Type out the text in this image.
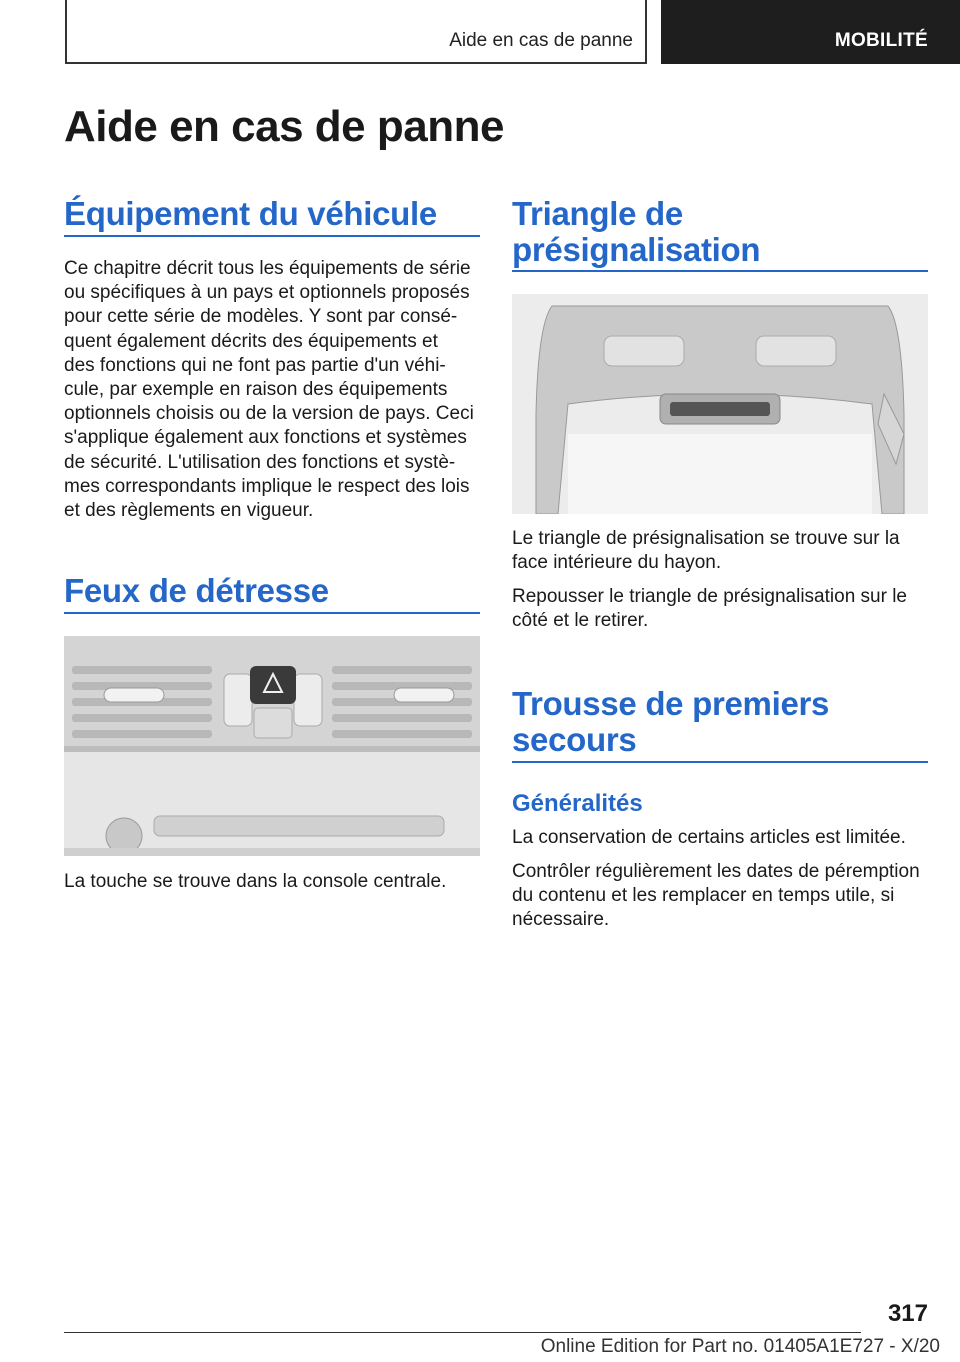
Aide en cas de panne	MOBILITÉ
Aide en cas de panne
Équipement du véhicule
Ce chapitre décrit tous les équipements de série
ou spécifiques à un pays et optionnels proposés
pour cette série de modèles. Y sont par consé‐
quent également décrits des équipements et
des fonctions qui ne font pas partie d'un véhi‐
cule, par exemple en raison des équipements
optionnels choisis ou de la version de pays. Ceci
s'applique également aux fonctions et systèmes
de sécurité. L'utilisation des fonctions et systè‐
mes correspondants implique le respect des lois
et des règlements en vigueur.
Feux de détresse
La touche se trouve dans la console centrale.
Triangle de
présignalisation
Le triangle de présignalisation se trouve sur la
face intérieure du hayon.
Repousser le triangle de présignalisation sur le
côté et le retirer.
Trousse de premiers
secours
Généralités
La conservation de certains articles est limitée.
Contrôler régulièrement les dates de péremption
du contenu et les remplacer en temps utile, si
nécessaire.
317
Online Edition for Part no. 01405A1E727 - X/20
